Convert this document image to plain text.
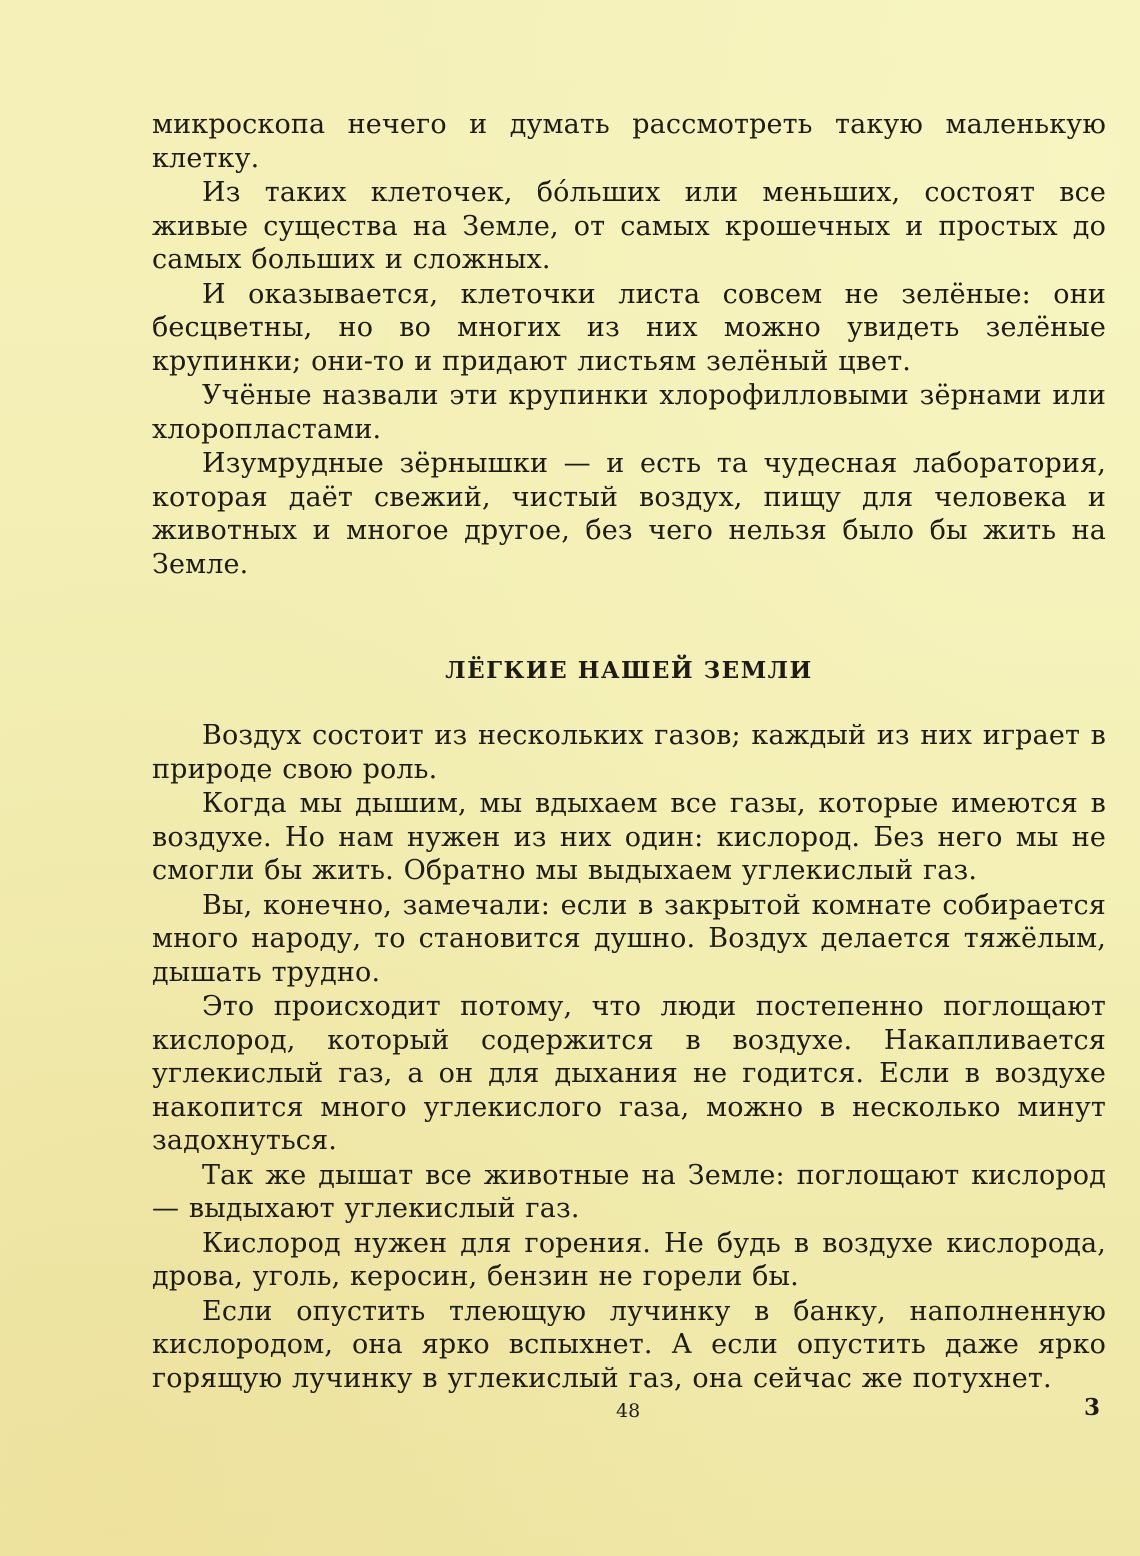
микроскопа нечего и думать рассмотреть такую маленькую клетку.

Из таких клеточек, бо́льших или меньших, состоят все живые существа на Земле, от самых крошечных и простых до самых больших и сложных.

И оказывается, клеточки листа совсем не зелёные: они бесцветны, но во многих из них можно увидеть зелёные крупинки; они-то и придают листьям зелёный цвет.

Учёные назвали эти крупинки хлорофилловыми зёрнами или хлоропластами.

Изумрудные зёрнышки — и есть та чудесная лаборатория, которая даёт свежий, чистый воздух, пищу для человека и животных и многое другое, без чего нельзя было бы жить на Земле.

ЛЁГКИЕ НАШЕЙ ЗЕМЛИ

Воздух состоит из нескольких газов; каждый из них играет в природе свою роль.

Когда мы дышим, мы вдыхаем все газы, которые имеются в воздухе. Но нам нужен из них один: кислород. Без него мы не смогли бы жить. Обратно мы выдыхаем углекислый газ.

Вы, конечно, замечали: если в закрытой комнате собирается много народу, то становится душно. Воздух делается тяжёлым, дышать трудно.

Это происходит потому, что люди постепенно поглощают кислород, который содержится в воздухе. Накапливается углекислый газ, а он для дыхания не годится. Если в воздухе накопится много углекислого газа, можно в несколько минут задохнуться.

Так же дышат все животные на Земле: поглощают кислород — выдыхают углекислый газ.

Кислород нужен для горения. Не будь в воздухе кислорода, дрова, уголь, керосин, бензин не горели бы.

Если опустить тлеющую лучинку в банку, наполненную кислородом, она ярко вспыхнет. А если опустить даже ярко горящую лучинку в углекислый газ, она сейчас же потухнет.

48	3
